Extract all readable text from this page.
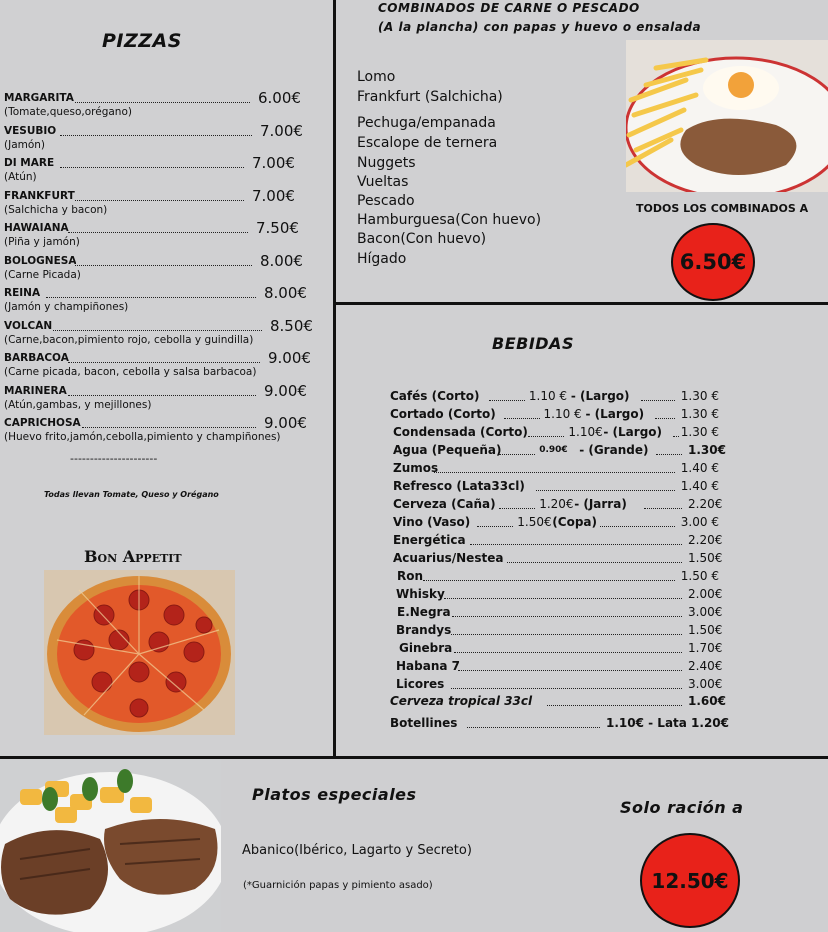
PIZZAS
MARGARITA	6.00€
(Tomate,queso,orégano)
VESUBIO	7.00€
(Jamón)
DI MARE	7.00€
(Atún)
FRANKFURT	7.00€
(Salchicha y bacon)
HAWAIANA	7.50€
(Piña y jamón)
BOLOGNESA	8.00€
(Carne Picada)
REINA	8.00€
(Jamón y champiñones)
VOLCÁN	8.50€
(Carne,bacon,pimiento rojo, cebolla y guindilla)
BARBACOA	9.00€
(Carne picada, bacon, cebolla y salsa barbacoa)
MARINERA	9.00€
(Atún,gambas, y mejillones)
CAPRICHOSA	9.00€
(Huevo frito,jamón,cebolla,pimiento y champiñones)
----------------------
Todas llevan Tomate, Queso y Orégano
Bon Appetit
COMBINADOS DE CARNE O PESCADO
(A la plancha) con papas y huevo o ensalada
Lomo
Frankfurt (Salchicha)
Pechuga/empanada
Escalope de ternera
Nuggets
Vueltas
Pescado
Hamburguesa(Con huevo)
Bacon(Con huevo)
Hígado
TODOS LOS COMBINADOS A
6.50€
BEBIDAS
Cafés (Corto)	1.10 € - (Largo)	1.30 €
Cortado (Corto)	1.10 € - (Largo)	1.30 €
Condensada (Corto)	1.10€ - (Largo) 1.30 €
Agua (Pequeña)	0.90€ - (Grande)	1.30€
Zumos	1.40 €
Refresco (Lata33cl)	1.40 €
Cerveza (Caña)	1.20€ - (Jarra)	2.20€
Vino (Vaso)	1.50€ (Copa)	3.00 €
Energética	2.20€
Acuarius/Nestea	1.50€
Ron	1.50 €
Whisky	2.00€
E.Negra	3.00€
Brandys	1.50€
Ginebra	1.70€
Habana 7	2.40€
Licores	3.00€
Cerveza tropical 33cl	1.60€
Botellines	1.10€ - Lata 1.20€
Platos especiales
Abanico(Ibérico, Lagarto y Secreto)
(*Guarnición papas y pimiento asado)
Solo ración a
12.50€
